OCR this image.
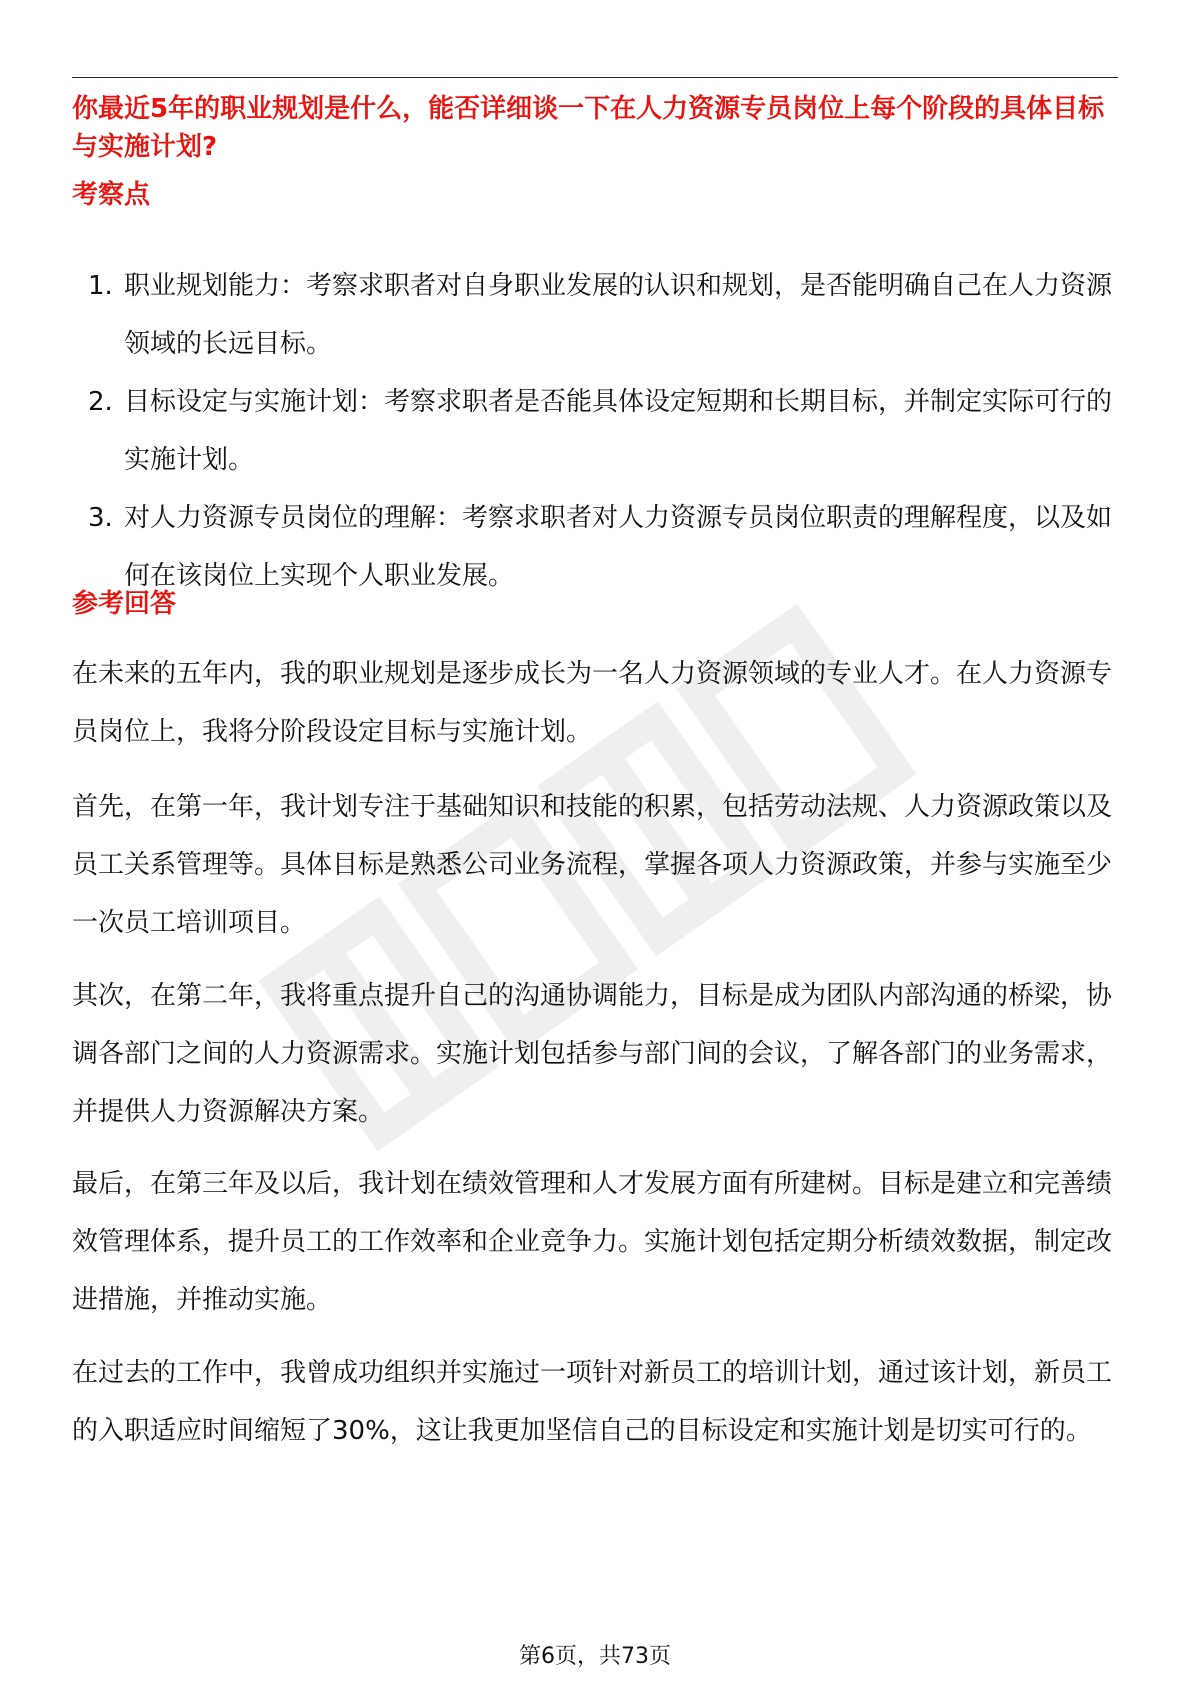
你最近5年的职业规划是什么，能否详细谈一下在人力资源专员岗位上每个阶段的具体目标与实施计划?
考察点
1. 职业规划能力：考察求职者对自身职业发展的认识和规划，是否能明确自己在人力资源领域的长远目标。
2. 目标设定与实施计划：考察求职者是否能具体设定短期和长期目标，并制定实际可行的实施计划。
3. 对人力资源专员岗位的理解：考察求职者对人力资源专员岗位职责的理解程度，以及如何在该岗位上实现个人职业发展。
参考回答

在未来的五年内，我的职业规划是逐步成长为一名人力资源领域的专业人才。在人力资源专员岗位上，我将分阶段设定目标与实施计划。

首先，在第一年，我计划专注于基础知识和技能的积累，包括劳动法规、人力资源政策以及员工关系管理等。具体目标是熟悉公司业务流程，掌握各项人力资源政策，并参与实施至少一次员工培训项目。

其次，在第二年，我将重点提升自己的沟通协调能力，目标是成为团队内部沟通的桥梁，协调各部门之间的人力资源需求。实施计划包括参与部门间的会议，了解各部门的业务需求，并提供人力资源解决方案。

最后，在第三年及以后，我计划在绩效管理和人才发展方面有所建树。目标是建立和完善绩效管理体系，提升员工的工作效率和企业竞争力。实施计划包括定期分析绩效数据，制定改进措施，并推动实施。

在过去的工作中，我曾成功组织并实施过一项针对新员工的培训计划，通过该计划，新员工的入职适应时间缩短了30%，这让我更加坚信自己的目标设定和实施计划是切实可行的。

第6页，共73页
